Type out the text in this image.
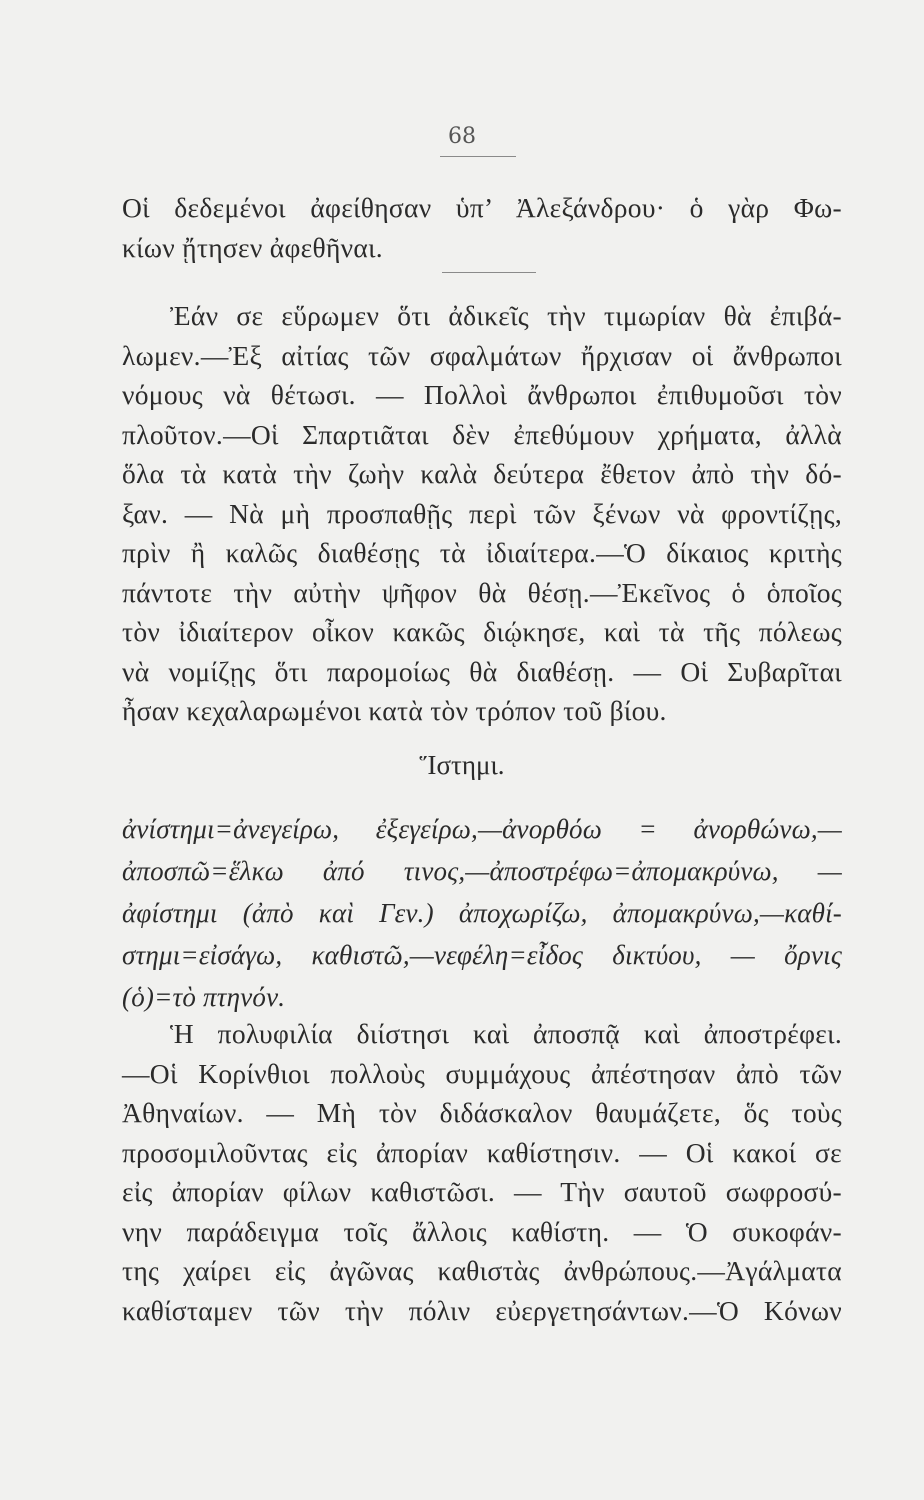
68
Οἱ δεδεμένοι ἀφείθησαν ὑπ’ Ἀλεξάνδρου· ὁ γὰρ Φω-
κίων ᾔτησεν ἀφεθῆναι.
Ἐάν σε εὕρωμεν ὅτι ἀδικεῖς τὴν τιμωρίαν θὰ ἐπιβά-
λωμεν.—Ἐξ αἰτίας τῶν σφαλμάτων ἤρχισαν οἱ ἄνθρωποι
νόμους νὰ θέτωσι. — Πολλοὶ ἄνθρωποι ἐπιθυμοῦσι τὸν
πλοῦτον.—Οἱ Σπαρτιᾶται δὲν ἐπεθύμουν χρήματα, ἀλλὰ
ὅλα τὰ κατὰ τὴν ζωὴν καλὰ δεύτερα ἔθετον ἀπὸ τὴν δό-
ξαν. — Νὰ μὴ προσπαθῇς περὶ τῶν ξένων νὰ φροντίζῃς,
πρὶν ἢ καλῶς διαθέσῃς τὰ ἰδιαίτερα.—Ὁ δίκαιος κριτὴς
πάντοτε τὴν αὐτὴν ψῆφον θὰ θέσῃ.—Ἐκεῖνος ὁ ὁποῖος
τὸν ἰδιαίτερον οἶκον κακῶς διῴκησε, καὶ τὰ τῆς πόλεως
νὰ νομίζῃς ὅτι παρομοίως θὰ διαθέσῃ. — Οἱ Συβαρῖται
ἦσαν κεχαλαρωμένοι κατὰ τὸν τρόπον τοῦ βίου.
Ἵστημι.
ἀνίστημι=ἀνεγείρω, ἐξεγείρω,—ἀνορθόω = ἀνορθώνω,—
ἀποσπῶ=ἕλκω ἀπό τινος,—ἀποστρέφω=ἀπομακρύνω, —
ἀφίστημι (ἀπὸ καὶ Γεν.) ἀποχωρίζω, ἀπομακρύνω,—καθί-
στημι=εἰσάγω, καθιστῶ,—νεφέλη=εἶδος δικτύου, — ὄρνις
(ὁ)=τὸ πτηνόν.
Ἡ πολυφιλία διίστησι καὶ ἀποσπᾷ καὶ ἀποστρέφει.
—Οἱ Κορίνθιοι πολλοὺς συμμάχους ἀπέστησαν ἀπὸ τῶν
Ἀθηναίων. — Μὴ τὸν διδάσκαλον θαυμάζετε, ὅς τοὺς
προσομιλοῦντας εἰς ἀπορίαν καθίστησιν. — Οἱ κακοί σε
εἰς ἀπορίαν φίλων καθιστῶσι. — Τὴν σαυτοῦ σωφροσύ-
νην παράδειγμα τοῖς ἄλλοις καθίστη. — Ὁ συκοφάν-
της χαίρει εἰς ἀγῶνας καθιστὰς ἀνθρώπους.—Ἀγάλματα
καθίσταμεν τῶν τὴν πόλιν εὐεργετησάντων.—Ὁ Κόνων
